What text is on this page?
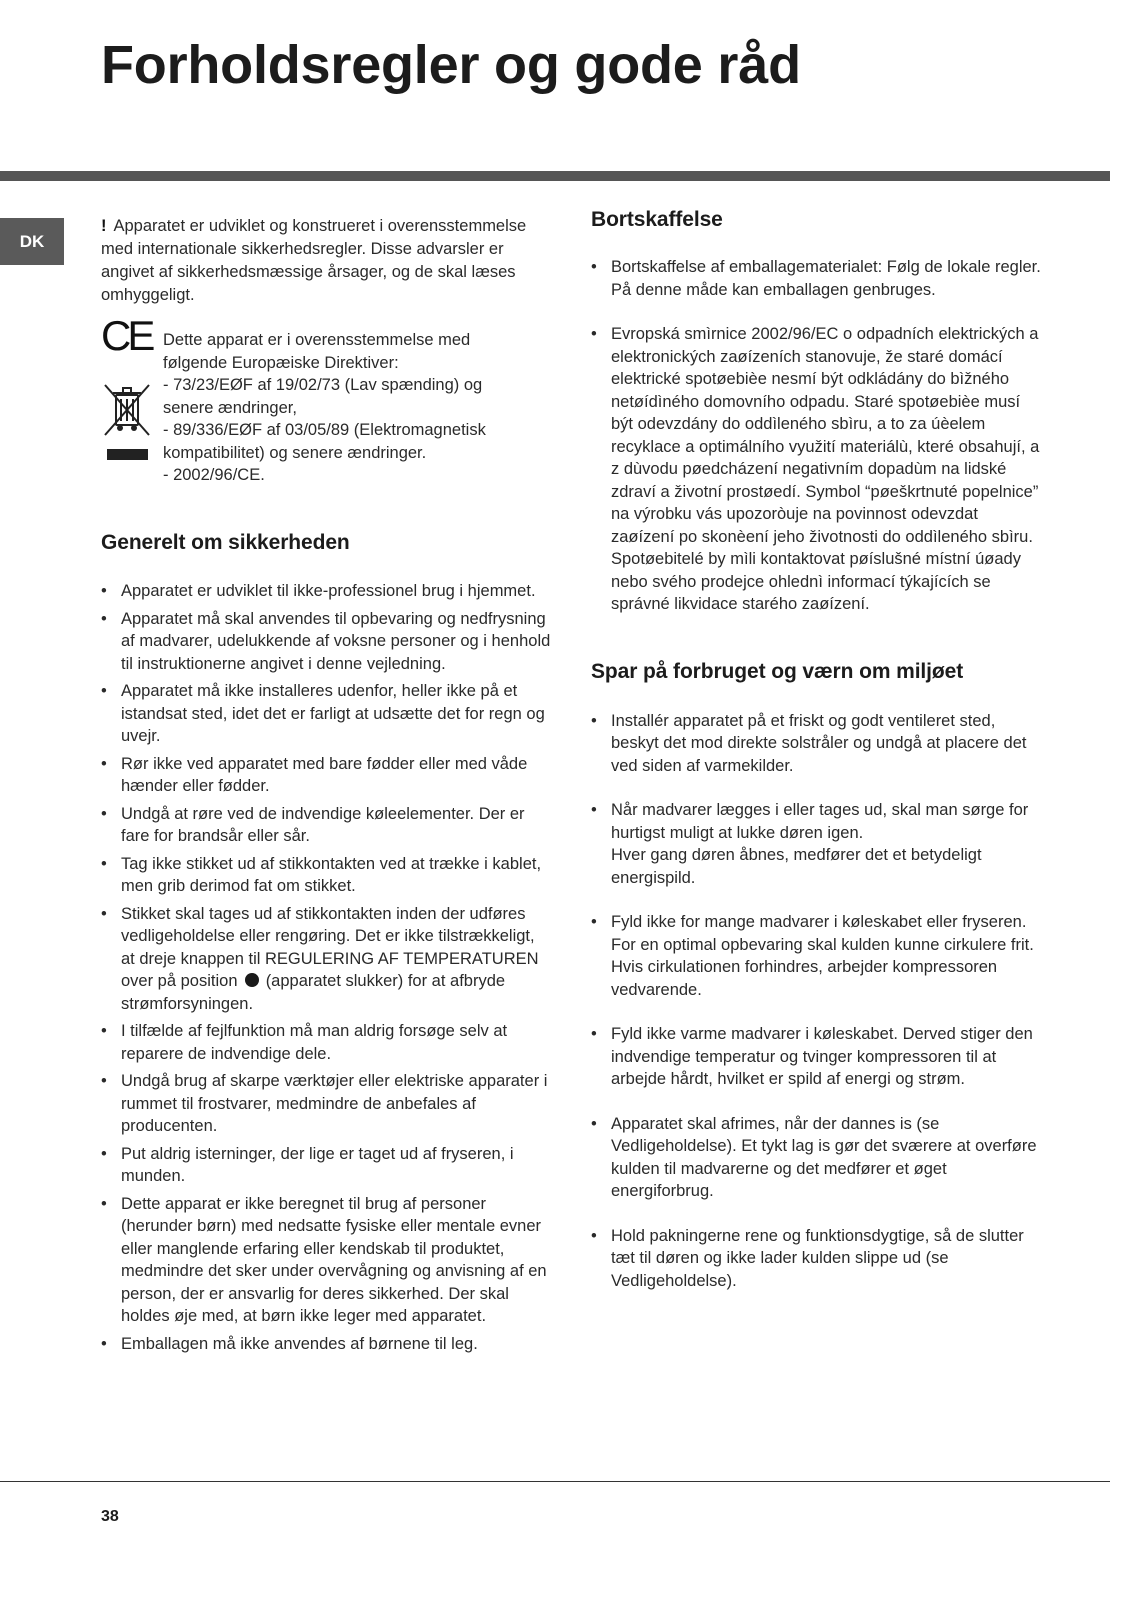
Forholdsregler og gode råd
DK

! Apparatet er udviklet og konstrueret i overensstemmelse med internationale sikkerhedsregler. Disse advarsler er angivet af sikkerhedsmæssige årsager, og de skal læses omhyggeligt.

CE Dette apparat er i overensstemmelse med
følgende Europæiske Direktiver:
- 73/23/EØF af 19/02/73 (Lav spænding) og
senere ændringer,
- 89/336/EØF af 03/05/89 (Elektromagnetisk
kompatibilitet) og senere ændringer.
- 2002/96/CE.
Generelt om sikkerheden
• Apparatet er udviklet til ikke-professionel brug i hjemmet.
• Apparatet må skal anvendes til opbevaring og nedfrysning af madvarer, udelukkende af voksne personer og i henhold til instruktionerne angivet i denne vejledning.
• Apparatet må ikke installeres udenfor, heller ikke på et istandsat sted, idet det er farligt at udsætte det for regn og uvejr.
• Rør ikke ved apparatet med bare fødder eller med våde hænder eller fødder.
• Undgå at røre ved de indvendige køleelementer. Der er fare for brandsår eller sår.
• Tag ikke stikket ud af stikkontakten ved at trække i kablet, men grib derimod fat om stikket.
• Stikket skal tages ud af stikkontakten inden der udføres vedligeholdelse eller rengøring. Det er ikke tilstrækkeligt, at dreje knappen til REGULERING AF TEMPERATUREN over på position (apparatet slukker) for at afbryde strømforsyningen.
• I tilfælde af fejlfunktion må man aldrig forsøge selv at reparere de indvendige dele.
• Undgå brug af skarpe værktøjer eller elektriske apparater i rummet til frostvarer, medmindre de anbefales af producenten.
• Put aldrig isterninger, der lige er taget ud af fryseren, i munden.
• Dette apparat er ikke beregnet til brug af personer (herunder børn) med nedsatte fysiske eller mentale evner eller manglende erfaring eller kendskab til produktet, medmindre det sker under overvågning og anvisning af en person, der er ansvarlig for deres sikkerhed. Der skal holdes øje med, at børn ikke leger med apparatet.
• Emballagen må ikke anvendes af børnene til leg.
Bortskaffelse
• Bortskaffelse af emballagematerialet: Følg de lokale regler. På denne måde kan emballagen genbruges.
• Evropská smìrnice 2002/96/EC o odpadních elektrických a elektronických zaøízeních stanovuje, že staré domácí elektrické spotøebièe nesmí být odkládány do bìžného netøídìného domovního odpadu. Staré spotøebièe musí být odevzdány do oddìleného sbìru, a to za úèelem recyklace a optimálního využití materiálù, které obsahují, a z dùvodu pøedcházení negativním dopadùm na lidské zdraví a životní prostøedí. Symbol “pøeškrtnuté popelnice” na výrobku vás upozoròuje na povinnost odevzdat zaøízení po skonèení jeho životnosti do oddìleného sbìru.
Spotøebitelé by mìli kontaktovat pøíslušné místní úøady nebo svého prodejce ohlednì informací týkajících se správné likvidace starého zaøízení.
Spar på forbruget og værn om miljøet
• Installér apparatet på et friskt og godt ventileret sted, beskyt det mod direkte solstråler og undgå at placere det ved siden af varmekilder.
• Når madvarer lægges i eller tages ud, skal man sørge for hurtigst muligt at lukke døren igen.
Hver gang døren åbnes, medfører det et betydeligt energispild.
• Fyld ikke for mange madvarer i køleskabet eller fryseren. For en optimal opbevaring skal kulden kunne cirkulere frit. Hvis cirkulationen forhindres, arbejder kompressoren vedvarende.
• Fyld ikke varme madvarer i køleskabet. Derved stiger den indvendige temperatur og tvinger kompressoren til at arbejde hårdt, hvilket er spild af energi og strøm.
• Apparatet skal afrimes, når der dannes is (se Vedligeholdelse). Et tykt lag is gør det sværere at overføre kulden til madvarerne og det medfører et øget energiforbrug.
• Hold pakningerne rene og funktionsdygtige, så de slutter tæt til døren og ikke lader kulden slippe ud (se Vedligeholdelse).
38
